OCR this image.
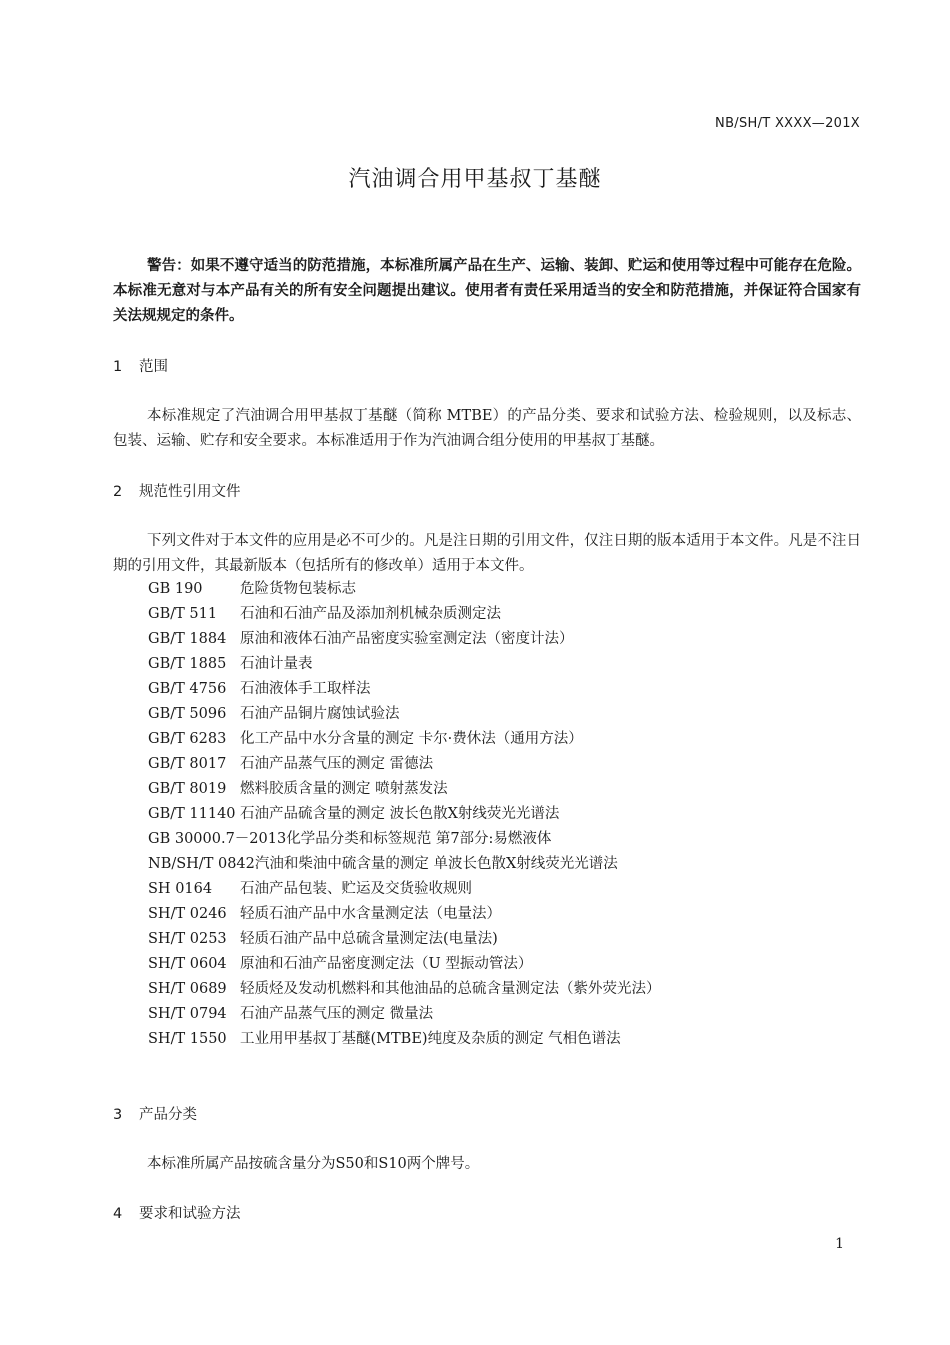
NB/SH/T XXXX—201X
汽油调合用甲基叔丁基醚

警告：如果不遵守适当的防范措施，本标准所属产品在生产、运输、装卸、贮运和使用等过程中可能存在危险。本标准无意对与本产品有关的所有安全问题提出建议。使用者有责任采用适当的安全和防范措施，并保证符合国家有关法规规定的条件。

1 范围

本标准规定了汽油调合用甲基叔丁基醚（简称 MTBE）的产品分类、要求和试验方法、检验规则，以及标志、包装、运输、贮存和安全要求。本标准适用于作为汽油调合组分使用的甲基叔丁基醚。

2 规范性引用文件

下列文件对于本文件的应用是必不可少的。凡是注日期的引用文件，仅注日期的版本适用于本文件。凡是不注日期的引用文件，其最新版本（包括所有的修改单）适用于本文件。

GB 190	危险货物包装标志
GB/T 511 石油和石油产品及添加剂机械杂质测定法
GB/T 1884 原油和液体石油产品密度实验室测定法（密度计法）
GB/T 1885 石油计量表
GB/T 4756 石油液体手工取样法
GB/T 5096 石油产品铜片腐蚀试验法
GB/T 6283 化工产品中水分含量的测定 卡尔·费休法（通用方法）
GB/T 8017 石油产品蒸气压的测定 雷德法
GB/T 8019 燃料胶质含量的测定 喷射蒸发法
GB/T 11140 石油产品硫含量的测定 波长色散X射线荧光光谱法
GB 30000.7－2013化学品分类和标签规范 第7部分:易燃液体
NB/SH/T 0842汽油和柴油中硫含量的测定 单波长色散X射线荧光光谱法
SH 0164 石油产品包装、贮运及交货验收规则
SH/T 0246 轻质石油产品中水含量测定法（电量法）
SH/T 0253 轻质石油产品中总硫含量测定法(电量法)
SH/T 0604 原油和石油产品密度测定法（U 型振动管法）
SH/T 0689 轻质烃及发动机燃料和其他油品的总硫含量测定法（紫外荧光法）
SH/T 0794 石油产品蒸气压的测定 微量法
SH/T 1550 工业用甲基叔丁基醚(MTBE)纯度及杂质的测定 气相色谱法
3 产品分类

本标准所属产品按硫含量分为S50和S10两个牌号。

4 要求和试验方法
1
